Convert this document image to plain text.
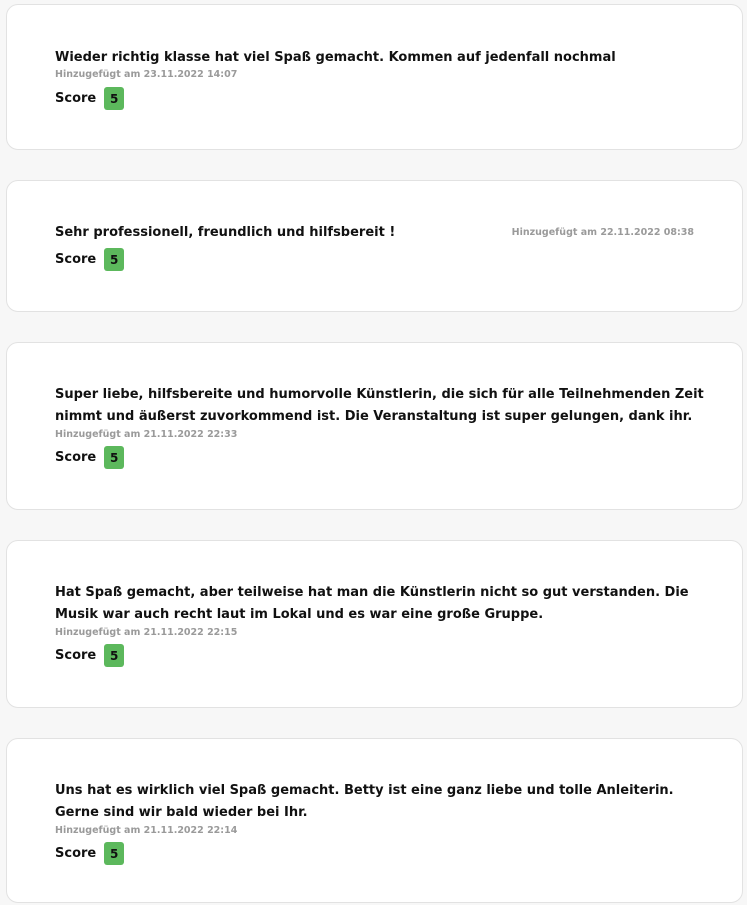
Wieder richtig klasse hat viel Spaß gemacht. Kommen auf jedenfall nochmal

Hinzugefügt am 23.11.2022 14:07
Score	5

Sehr professionell, freundlich und hilfsbereit !	Hinzugefügt am 22.11.2022 08:38
Score	5

Super liebe, hilfsbereite und humorvolle Künstlerin, die sich für alle Teilnehmenden Zeit nimmt und äußerst zuvorkommend ist. Die Veranstaltung ist super gelungen, dank ihr.

Hinzugefügt am 21.11.2022 22:33
Score	5

Hat Spaß gemacht, aber teilweise hat man die Künstlerin nicht so gut verstanden. Die Musik war auch recht laut im Lokal und es war eine große Gruppe.

Hinzugefügt am 21.11.2022 22:15
Score	5

Uns hat es wirklich viel Spaß gemacht. Betty ist eine ganz liebe und tolle Anleiterin. Gerne sind wir bald wieder bei Ihr.

Hinzugefügt am 21.11.2022 22:14
Score	5
